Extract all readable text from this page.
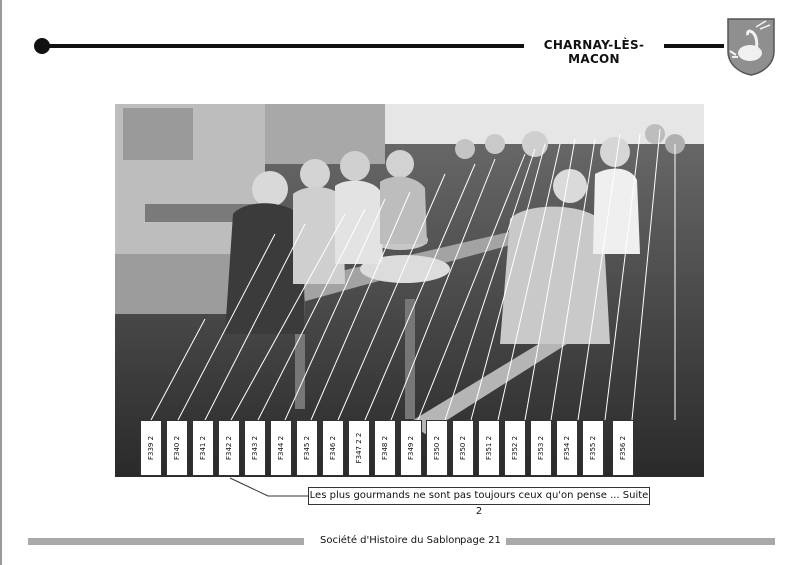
CHARNAY-LÈS-MACON
F339 2	F340 2	F341 2	F342 2	F343 2	F344 2	F345 2	F346 2	F347 2 2	F348 2	F349 2	F350 2	F350 2	F351 2	F352 2	F353 2	F354 2	F355 2	F356 2
Les plus gourmands ne sont pas toujours ceux qu'on pense ... Suite 2
Société d'Histoire du Sablon page 21
